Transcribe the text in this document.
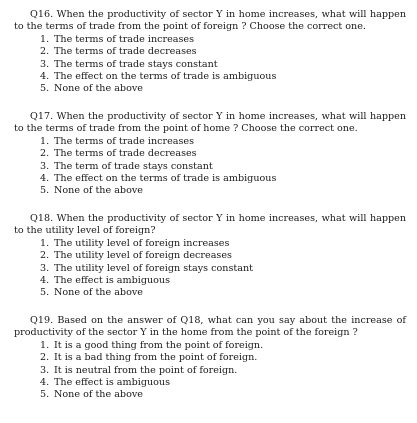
Q16. When the productivity of sector Y in home increases, what will happen to the terms of trade from the point of foreign ? Choose the correct one.

1. The terms of trade increases
2. The terms of trade decreases
3. The terms of trade stays constant
4. The effect on the terms of trade is ambiguous
5. None of the above

Q17. When the productivity of sector Y in home increases, what will happen to the terms of trade from the point of home ? Choose the correct one.

1. The terms of trade increases
2. The terms of trade decreases
3. The term of trade stays constant
4. The effect on the terms of trade is ambiguous
5. None of the above

Q18. When the productivity of sector Y in home increases, what will happen to the utility level of foreign?

1. The utility level of foreign increases
2. The utility level of foreign decreases
3. The utility level of foreign stays constant
4. The effect is ambiguous
5. None of the above

Q19. Based on the answer of Q18, what can you say about the increase of productivity of the sector Y in the home from the point of the foreign ?

1. It is a good thing from the point of foreign.
2. It is a bad thing from the point of foreign.
3. It is neutral from the point of foreign.
4. The effect is ambiguous
5. None of the above
